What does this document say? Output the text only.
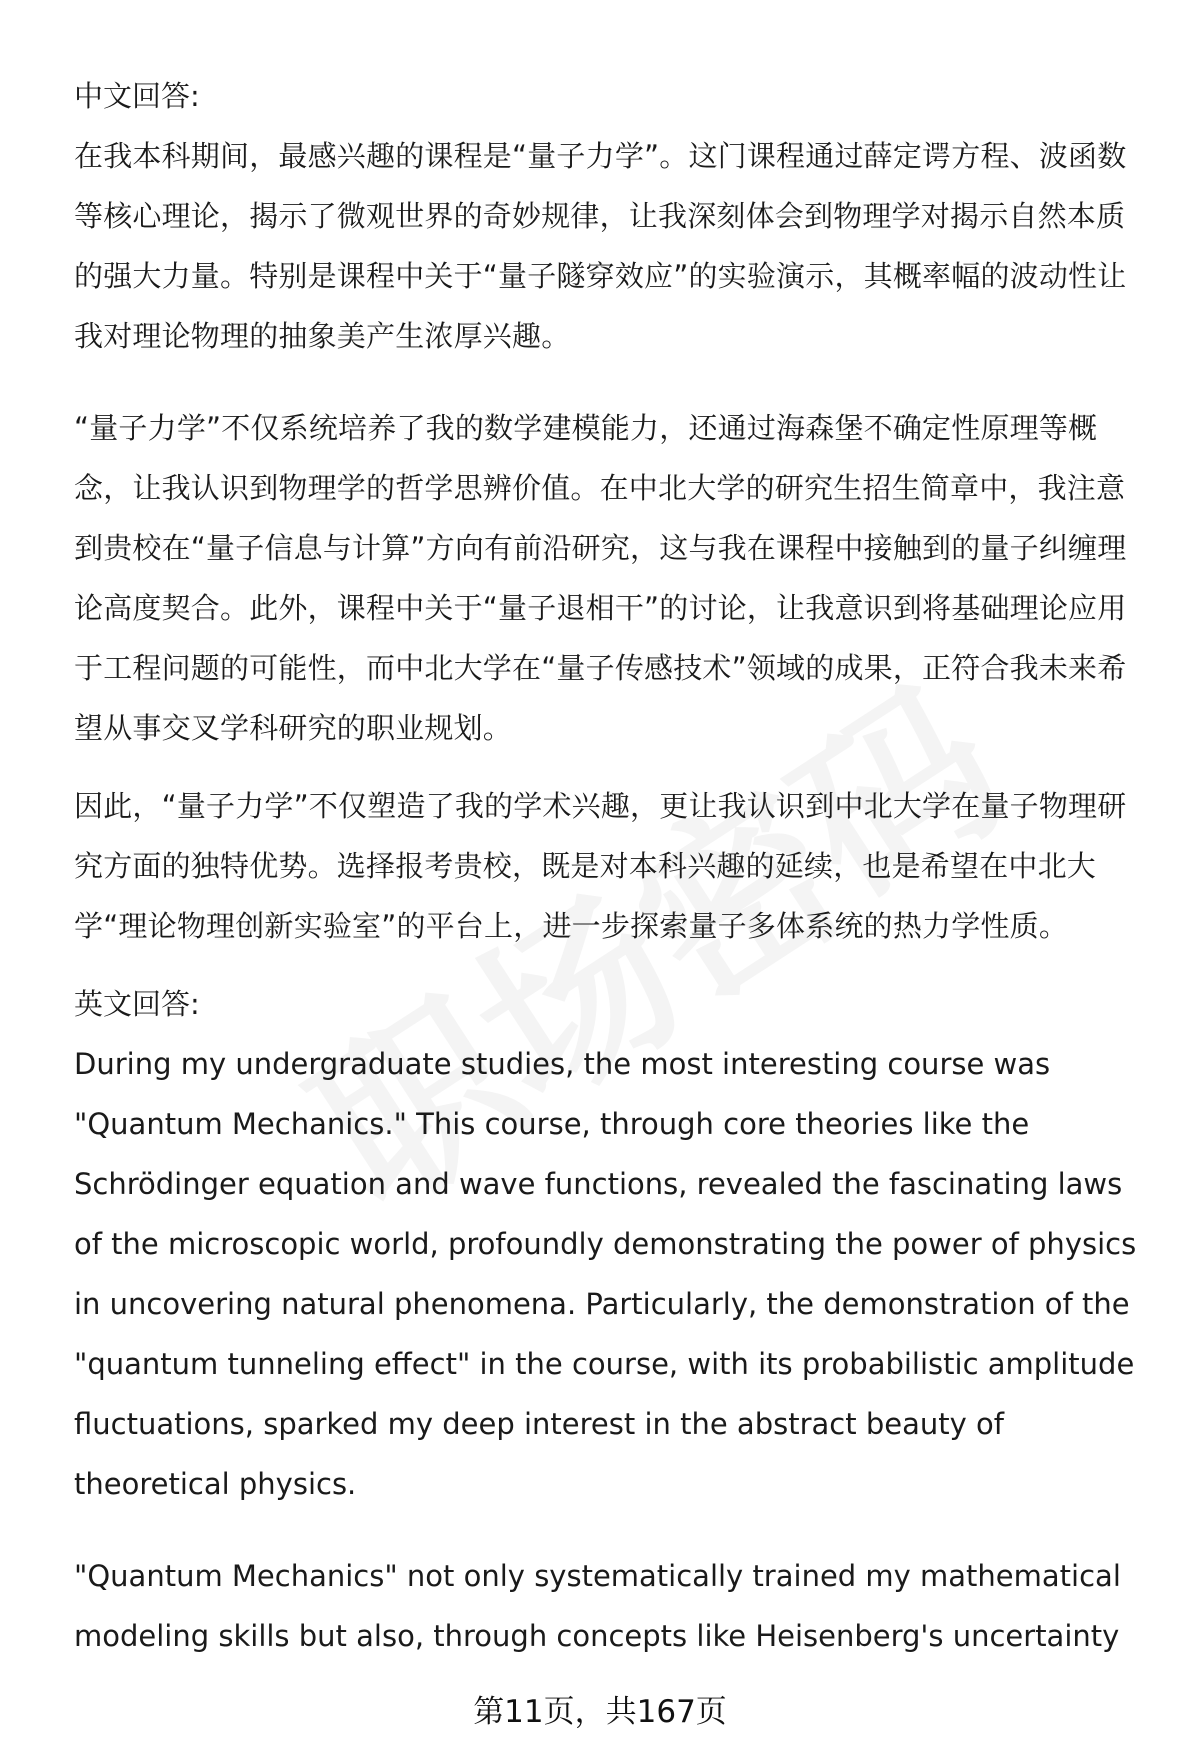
中文回答:

在我本科期间，最感兴趣的课程是“量子力学”。这门课程通过薛定谔方程、波函数等核心理论，揭示了微观世界的奇妙规律，让我深刻体会到物理学对揭示自然本质的强大力量。特别是课程中关于“量子隧穿效应”的实验演示，其概率幅的波动性让我对理论物理的抽象美产生浓厚兴趣。

“量子力学”不仅系统培养了我的数学建模能力，还通过海森堡不确定性原理等概念，让我认识到物理学的哲学思辨价值。在中北大学的研究生招生简章中，我注意到贵校在“量子信息与计算”方向有前沿研究，这与我在课程中接触到的量子纠缠理论高度契合。此外，课程中关于“量子退相干”的讨论，让我意识到将基础理论应用于工程问题的可能性，而中北大学在“量子传感技术”领域的成果，正符合我未来希望从事交叉学科研究的职业规划。

因此，“量子力学”不仅塑造了我的学术兴趣，更让我认识到中北大学在量子物理研究方面的独特优势。选择报考贵校，既是对本科兴趣的延续，也是希望在中北大学“理论物理创新实验室”的平台上，进一步探索量子多体系统的热力学性质。

英文回答:

During my undergraduate studies, the most interesting course was "Quantum Mechanics." This course, through core theories like the Schrödinger equation and wave functions, revealed the fascinating laws of the microscopic world, profoundly demonstrating the power of physics in uncovering natural phenomena. Particularly, the demonstration of the "quantum tunneling effect" in the course, with its probabilistic amplitude fluctuations, sparked my deep interest in the abstract beauty of theoretical physics.

"Quantum Mechanics" not only systematically trained my mathematical modeling skills but also, through concepts like Heisenberg's uncertainty

第11页，共167页
